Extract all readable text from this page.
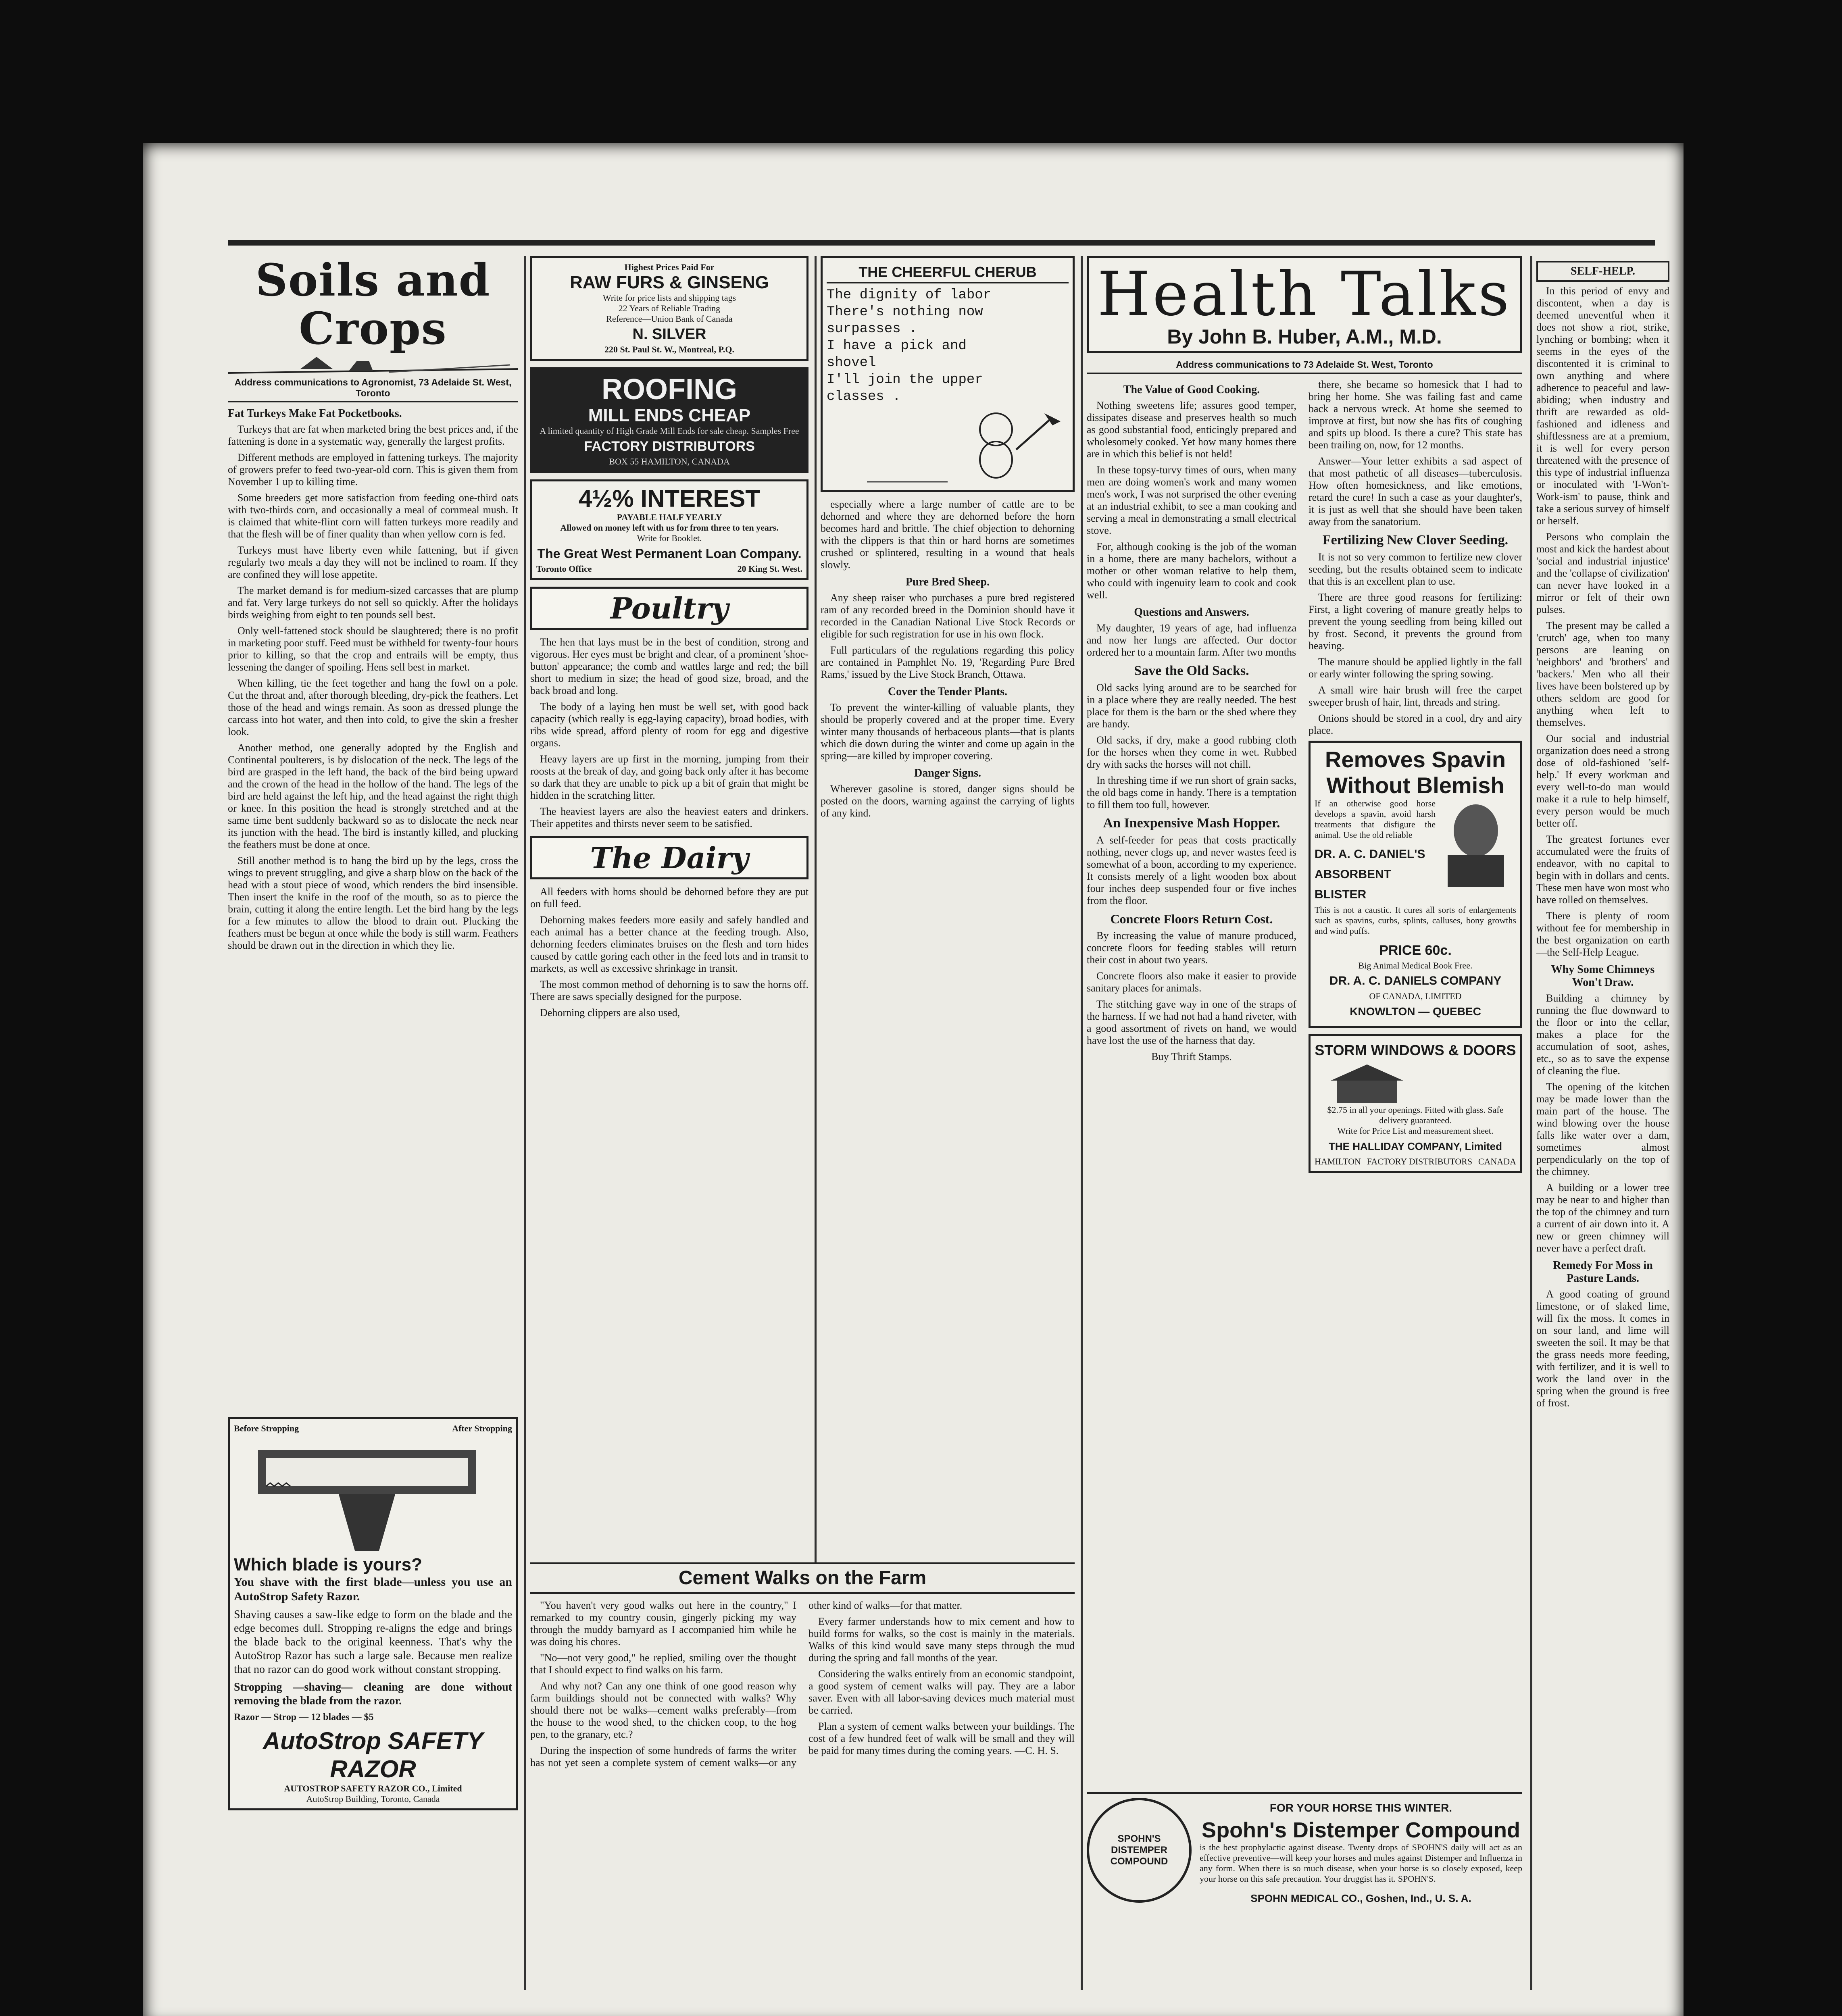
Soils and Crops
Address communications to Agronomist, 73 Adelaide St. West, Toronto
Fat Turkeys Make Fat Pocketbooks.

Turkeys that are fat when marketed bring the best prices and, if the fattening is done in a systematic way, generally the largest profits.

Different methods are employed in fattening turkeys. The majority of growers prefer to feed two-year-old corn. This is given them from November 1 up to killing time.

Some breeders get more satisfaction from feeding one-third oats with two-thirds corn, and occasionally a meal of cornmeal mush. It is claimed that white-flint corn will fatten turkeys more readily and that the flesh will be of finer quality than when yellow corn is fed.

Turkeys must have liberty even while fattening, but if given regularly two meals a day they will not be inclined to roam. If they are confined they will lose appetite.

The market demand is for medium-sized carcasses that are plump and fat. Very large turkeys do not sell so quickly. After the holidays birds weighing from eight to ten pounds sell best.

Only well-fattened stock should be slaughtered; there is no profit in marketing poor stuff. Feed must be withheld for twenty-four hours prior to killing, so that the crop and entrails will be empty, thus lessening the danger of spoiling. Hens sell best in market.

When killing, tie the feet together and hang the fowl on a pole. Cut the throat and, after thorough bleeding, dry-pick the feathers. Let those of the head and wings remain. As soon as dressed plunge the carcass into hot water, and then into cold, to give the skin a fresher look.

Another method, one generally adopted by the English and Continental poulterers, is by dislocation of the neck. The legs of the bird are grasped in the left hand, the back of the bird being upward and the crown of the head in the hollow of the hand. The legs of the bird are held against the left hip, and the head against the right thigh or knee. In this position the head is strongly stretched and at the same time bent suddenly backward so as to dislocate the neck near its junction with the head. The bird is instantly killed, and plucking the feathers must be done at once.

Still another method is to hang the bird up by the legs, cross the wings to prevent struggling, and give a sharp blow on the back of the head with a stout piece of wood, which renders the bird insensible. Then insert the knife in the roof of the mouth, so as to pierce the brain, cutting it along the entire length. Let the bird hang by the legs for a few minutes to allow the blood to drain out. Plucking the feathers must be begun at once while the body is still warm. Feathers should be drawn out in the direction in which they lie.

Before Stropping	After Stropping
Which blade is yours?

You shave with the first blade—unless you use an AutoStrop Safety Razor.

Shaving causes a saw-like edge to form on the blade and the edge becomes dull. Stropping re-aligns the edge and brings the blade back to the original keenness. That's why the AutoStrop Razor has such a large sale. Because men realize that no razor can do good work without constant stropping.

Stropping —shaving— cleaning are done without removing the blade from the razor.

Razor — Strop — 12 blades — $5
AutoStrop SAFETY RAZOR
AUTOSTROP SAFETY RAZOR CO., Limited
AutoStrop Building, Toronto, Canada
Highest Prices Paid For
RAW FURS & GINSENG
Write for price lists and shipping tags
22 Years of Reliable Trading
Reference—Union Bank of Canada
N. SILVER
220 St. Paul St. W., Montreal, P.Q.
ROOFING
MILL ENDS CHEAP
A limited quantity of High Grade Mill Ends for sale cheap. Samples Free
FACTORY DISTRIBUTORS
BOX 55 HAMILTON, CANADA
4½% INTEREST
PAYABLE HALF YEARLY
Allowed on money left with us for from three to ten years.
Write for Booklet.
The Great West Permanent Loan Company.
Toronto Office	20 King St. West.
Poultry

The hen that lays must be in the best of condition, strong and vigorous. Her eyes must be bright and clear, of a prominent 'shoe-button' appearance; the comb and wattles large and red; the bill short to medium in size; the head of good size, broad, and the back broad and long.

The body of a laying hen must be well set, with good back capacity (which really is egg-laying capacity), broad bodies, with ribs wide spread, afford plenty of room for egg and digestive organs.

Heavy layers are up first in the morning, jumping from their roosts at the break of day, and going back only after it has become so dark that they are unable to pick up a bit of grain that might be hidden in the scratching litter.

The heaviest layers are also the heaviest eaters and drinkers. Their appetites and thirsts never seem to be satisfied.

The Dairy

All feeders with horns should be dehorned before they are put on full feed.

Dehorning makes feeders more easily and safely handled and each animal has a better chance at the feeding trough. Also, dehorning feeders eliminates bruises on the flesh and torn hides caused by cattle goring each other in the feed lots and in transit to markets, as well as excessive shrinkage in transit.

The most common method of dehorning is to saw the horns off. There are saws specially designed for the purpose.

Dehorning clippers are also used,

THE CHEERFUL CHERUB
The dignity of labor
There's nothing now
surpasses .
I have a pick and
shovel
I'll join the upper
classes .

especially where a large number of cattle are to be dehorned and where they are dehorned before the horn becomes hard and brittle. The chief objection to dehorning with the clippers is that thin or hard horns are sometimes crushed or splintered, resulting in a wound that heals slowly.

Pure Bred Sheep.

Any sheep raiser who purchases a pure bred registered ram of any recorded breed in the Dominion should have it recorded in the Canadian National Live Stock Records or eligible for such registration for use in his own flock.

Full particulars of the regulations regarding this policy are contained in Pamphlet No. 19, 'Regarding Pure Bred Rams,' issued by the Live Stock Branch, Ottawa.

Cover the Tender Plants.

To prevent the winter-killing of valuable plants, they should be properly covered and at the proper time. Every winter many thousands of herbaceous plants—that is plants which die down during the winter and come up again in the spring—are killed by improper covering.

Danger Signs.

Wherever gasoline is stored, danger signs should be posted on the doors, warning against the carrying of lights of any kind.

Cement Walks on the Farm

"You haven't very good walks out here in the country," I remarked to my country cousin, gingerly picking my way through the muddy barnyard as I accompanied him while he was doing his chores.

"No—not very good," he replied, smiling over the thought that I should expect to find walks on his farm.

And why not? Can any one think of one good reason why farm buildings should not be connected with walks? Why should there not be walks—cement walks preferably—from the house to the wood shed, to the chicken coop, to the hog pen, to the granary, etc.?

During the inspection of some hundreds of farms the writer has not yet seen a complete system of cement walks—or any other kind of walks—for that matter.

Every farmer understands how to mix cement and how to build forms for walks, so the cost is mainly in the materials. Walks of this kind would save many steps through the mud during the spring and fall months of the year.

Considering the walks entirely from an economic standpoint, a good system of cement walks will pay. They are a labor saver. Even with all labor-saving devices much material must be carried.

Plan a system of cement walks between your buildings. The cost of a few hundred feet of walk will be small and they will be paid for many times during the coming years. —C. H. S.

Health Talks
By John B. Huber, A.M., M.D.
Address communications to 73 Adelaide St. West, Toronto
The Value of Good Cooking.

Nothing sweetens life; assures good temper, dissipates disease and preserves health so much as good substantial food, enticingly prepared and wholesomely cooked. Yet how many homes there are in which this belief is not held!

In these topsy-turvy times of ours, when many men are doing women's work and many women men's work, I was not surprised the other evening at an industrial exhibit, to see a man cooking and serving a meal in demonstrating a small electrical stove.

For, although cooking is the job of the woman in a home, there are many bachelors, without a mother or other woman relative to help them, who could with ingenuity learn to cook and cook well.

Questions and Answers.

My daughter, 19 years of age, had influenza and now her lungs are affected. Our doctor ordered her to a mountain farm. After two months

Save the Old Sacks.

Old sacks lying around are to be searched for in a place where they are really needed. The best place for them is the barn or the shed where they are handy.

Old sacks, if dry, make a good rubbing cloth for the horses when they come in wet. Rubbed dry with sacks the horses will not chill.

In threshing time if we run short of grain sacks, the old bags come in handy. There is a temptation to fill them too full, however.

An Inexpensive Mash Hopper.

A self-feeder for peas that costs practically nothing, never clogs up, and never wastes feed is somewhat of a boon, according to my experience. It consists merely of a light wooden box about four inches deep suspended four or five inches from the floor.

Concrete Floors Return Cost.

By increasing the value of manure produced, concrete floors for feeding stables will return their cost in about two years.

Concrete floors also make it easier to provide sanitary places for animals.

The stitching gave way in one of the straps of the harness. If we had not had a hand riveter, with a good assortment of rivets on hand, we would have lost the use of the harness that day.

Buy Thrift Stamps.

there, she became so homesick that I had to bring her home. She was failing fast and came back a nervous wreck. At home she seemed to improve at first, but now she has fits of coughing and spits up blood. Is there a cure? This state has been trailing on, now, for 12 months.

Answer—Your letter exhibits a sad aspect of that most pathetic of all diseases—tuberculosis. How often homesickness, and like emotions, retard the cure! In such a case as your daughter's, it is just as well that she should have been taken away from the sanatorium.

Fertilizing New Clover Seeding.

It is not so very common to fertilize new clover seeding, but the results obtained seem to indicate that this is an excellent plan to use.

There are three good reasons for fertilizing: First, a light covering of manure greatly helps to prevent the young seedling from being killed out by frost. Second, it prevents the ground from heaving.

The manure should be applied lightly in the fall or early winter following the spring sowing.

A small wire hair brush will free the carpet sweeper brush of hair, lint, threads and string.

Onions should be stored in a cool, dry and airy place.

Removes Spavin
Without Blemish

If an otherwise good horse develops a spavin, avoid harsh treatments that disfigure the animal. Use the old reliable

DR. A. C. DANIEL'S ABSORBENT BLISTER

This is not a caustic. It cures all sorts of enlargements such as spavins, curbs, splints, calluses, bony growths and wind puffs.

PRICE 60c.
Big Animal Medical Book Free.
DR. A. C. DANIELS COMPANY
OF CANADA, LIMITED
KNOWLTON — QUEBEC
STORM WINDOWS & DOORS
$2.75 in all your openings. Fitted with glass. Safe delivery guaranteed.
Write for Price List and measurement sheet.
THE HALLIDAY COMPANY, Limited
HAMILTON FACTORY DISTRIBUTORS CANADA
SPOHN'S DISTEMPER COMPOUND
FOR YOUR HORSE THIS WINTER.
Spohn's Distemper Compound

is the best prophylactic against disease. Twenty drops of SPOHN'S daily will act as an effective preventive—will keep your horses and mules against Distemper and Influenza in any form. When there is so much disease, when your horse is so closely exposed, keep your horse on this safe precaution. Your druggist has it. SPOHN'S.

SPOHN MEDICAL CO., Goshen, Ind., U. S. A.
SELF-HELP.

In this period of envy and discontent, when a day is deemed uneventful when it does not show a riot, strike, lynching or bombing; when it seems in the eyes of the discontented it is criminal to own anything and where adherence to peaceful and law-abiding; when industry and thrift are rewarded as old-fashioned and idleness and shiftlessness are at a premium, it is well for every person threatened with the presence of this type of industrial influenza or inoculated with 'I-Won't-Work-ism' to pause, think and take a serious survey of himself or herself.

Persons who complain the most and kick the hardest about 'social and industrial injustice' and the 'collapse of civilization' can never have looked in a mirror or felt of their own pulses.

The present may be called a 'crutch' age, when too many persons are leaning on 'neighbors' and 'brothers' and 'backers.' Men who all their lives have been bolstered up by others seldom are good for anything when left to themselves.

Our social and industrial organization does need a strong dose of old-fashioned 'self-help.' If every workman and every well-to-do man would make it a rule to help himself, every person would be much better off.

The greatest fortunes ever accumulated were the fruits of endeavor, with no capital to begin with in dollars and cents. These men have won most who have rolled on themselves.

There is plenty of room without fee for membership in the best organization on earth—the Self-Help League.

Why Some Chimneys Won't Draw.

Building a chimney by running the flue downward to the floor or into the cellar, makes a place for the accumulation of soot, ashes, etc., so as to save the expense of cleaning the flue.

The opening of the kitchen may be made lower than the main part of the house. The wind blowing over the house falls like water over a dam, sometimes almost perpendicularly on the top of the chimney.

A building or a lower tree may be near to and higher than the top of the chimney and turn a current of air down into it. A new or green chimney will never have a perfect draft.

Remedy For Moss in Pasture Lands.

A good coating of ground limestone, or of slaked lime, will fix the moss. It comes in on sour land, and lime will sweeten the soil. It may be that the grass needs more feeding, with fertilizer, and it is well to work the land over in the spring when the ground is free of frost.
